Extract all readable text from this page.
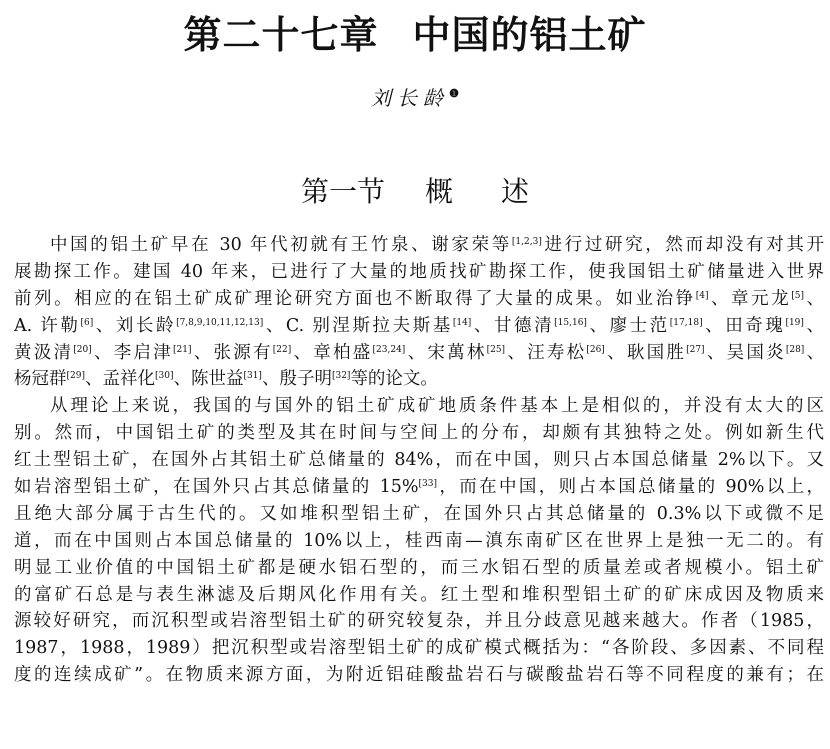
第二十七章 中国的铝土矿
刘长龄$^❶$
第一节 概 述
中国的铝土矿早在 30 年代初就有王竹泉、谢家荣等[1,2,3]进行过研究，然而却没有对其开
展勘探工作。建国 40 年来，已进行了大量的地质找矿勘探工作，使我国铝土矿储量进入世界
前列。相应的在铝土矿成矿理论研究方面也不断取得了大量的成果。如业治铮[4]、章元龙[5]、
A. 许勒[6]、刘长龄[7,8,9,10,11,12,13]、C. 别涅斯拉夫斯基[14]、甘德清[15,16]、廖士范[17,18]、田奇瑰[19]、
黄汲清[20]、李启津[21]、张源有[22]、章柏盛[23,24]、宋萬林[25]、汪寿松[26]、耿国胜[27]、吴国炎[28]、
杨冠群[29]、孟祥化[30]、陈世益[31]、殷子明[32]等的论文。
从理论上来说，我国的与国外的铝土矿成矿地质条件基本上是相似的，并没有太大的区
别。然而，中国铝土矿的类型及其在时间与空间上的分布，却颇有其独特之处。例如新生代
红土型铝土矿，在国外占其铝土矿总储量的 84%，而在中国，则只占本国总储量 2%以下。又
如岩溶型铝土矿，在国外只占其总储量的 15%[33]，而在中国，则占本国总储量的 90%以上，
且绝大部分属于古生代的。又如堆积型铝土矿，在国外只占其总储量的 0.3%以下或微不足
道，而在中国则占本国总储量的 10%以上，桂西南—滇东南矿区在世界上是独一无二的。有
明显工业价值的中国铝土矿都是硬水铝石型的，而三水铝石型的质量差或者规模小。铝土矿
的富矿石总是与表生淋滤及后期风化作用有关。红土型和堆积型铝土矿的矿床成因及物质来
源较好研究，而沉积型或岩溶型铝土矿的研究较复杂，并且分歧意见越来越大。作者（1985，
1987，1988，1989）把沉积型或岩溶型铝土矿的成矿模式概括为：“各阶段、多因素、不同程
度的连续成矿”。在物质来源方面，为附近铝硅酸盐岩石与碳酸盐岩石等不同程度的兼有；在
